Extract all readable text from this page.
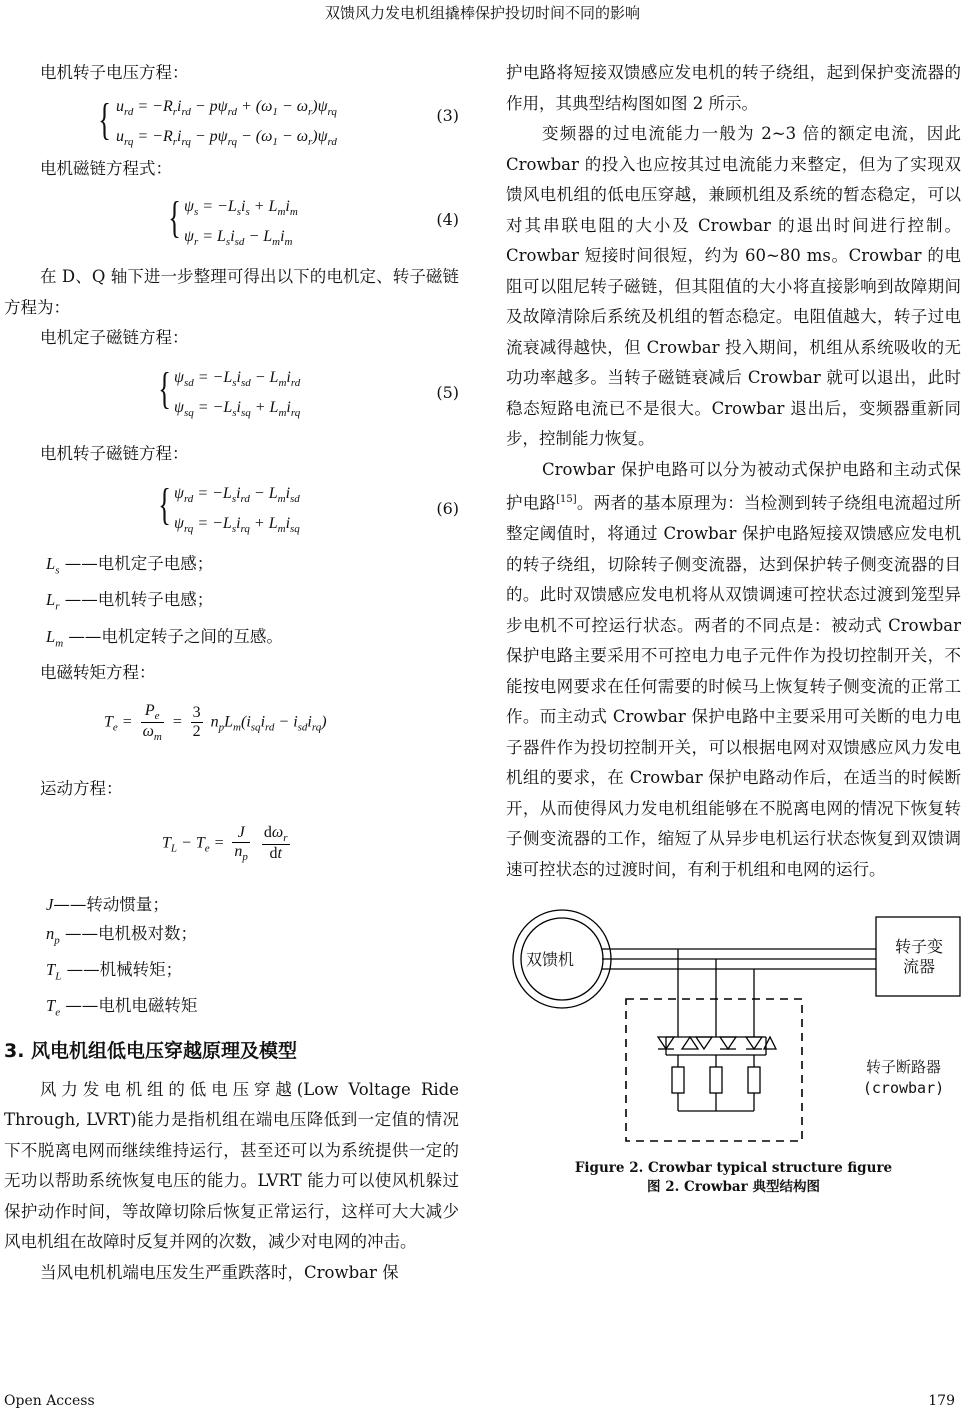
双馈风力发电机组撬棒保护投切时间不同的影响

电机转子电压方程：

{ $u_{rd} = -R_ri_{rd} - p\psi_{rd} + (\omega_1 - \omega_r)\psi_{rq}$
$u_{rq} = -R_ri_{rq} - p\psi_{rq} - (\omega_1 - \omega_r)\psi_{rd}$
(3)

电机磁链方程式：

{ $\psi_s = -L_si_s + L_mi_m$
$\psi_r = L_si_{sd} - L_mi_m$
(4)

在 D、Q 轴下进一步整理可得出以下的电机定、转子磁链方程为：

电机定子磁链方程：

{ $\psi_{sd} = -L_si_{sd} - L_mi_{rd}$
$\psi_{sq} = -L_si_{sq} + L_mi_{rq}$
(5)

电机转子磁链方程：

{ $\psi_{rd} = -L_si_{rd} - L_mi_{sd}$
$\psi_{rq} = -L_si_{rq} + L_mi_{sq}$
(6)

$L_s$ ——电机定子电感；

$L_r$ ——电机转子电感；

$L_m$ ——电机定转子之间的互感。

电磁转矩方程：

$T_e = \frac{P_e}{\omega_m} = \frac{3}{2} n_pL_m(i_{sq}i_{rd} - i_{sd}i_{rq})$

运动方程：

$T_L - T_e = \frac{J}{n_p}$
$\frac{d\omega_r}{dt}$

J——转动惯量；

$n_p$ ——电机极对数；

$T_L$ ——机械转矩；

$T_e$ ——电机电磁转矩

3. 风电机组低电压穿越原理及模型

风力发电机组的低电压穿越(Low Voltage Ride Through, LVRT)能力是指机组在端电压降低到一定值的情况下不脱离电网而继续维持运行，甚至还可以为系统提供一定的无功以帮助系统恢复电压的能力。LVRT 能力可以使风机躲过保护动作时间，等故障切除后恢复正常运行，这样可大大减少风电机组在故障时反复并网的次数，减少对电网的冲击。

当风电机机端电压发生严重跌落时，Crowbar 保

护电路将短接双馈感应发电机的转子绕组，起到保护变流器的作用，其典型结构图如图 2 所示。

变频器的过电流能力一般为 2~3 倍的额定电流，因此 Crowbar 的投入也应按其过电流能力来整定，但为了实现双馈风电机组的低电压穿越，兼顾机组及系统的暂态稳定，可以对其串联电阻的大小及 Crowbar 的退出时间进行控制。Crowbar 短接时间很短，约为 60~80 ms。Crowbar 的电阻可以阻尼转子磁链，但其阻值的大小将直接影响到故障期间及故障清除后系统及机组的暂态稳定。电阻值越大，转子过电流衰减得越快，但 Crowbar 投入期间，机组从系统吸收的无功功率越多。当转子磁链衰减后 Crowbar 就可以退出，此时稳态短路电流已不是很大。Crowbar 退出后，变频器重新同步，控制能力恢复。

Crowbar 保护电路可以分为被动式保护电路和主动式保护电路[15]。两者的基本原理为：当检测到转子绕组电流超过所整定阈值时，将通过 Crowbar 保护电路短接双馈感应发电机的转子绕组，切除转子侧变流器，达到保护转子侧变流器的目的。此时双馈感应发电机将从双馈调速可控状态过渡到笼型异步电机不可控运行状态。两者的不同点是：被动式 Crowbar 保护电路主要采用不可控电力电子元件作为投切控制开关，不能按电网要求在任何需要的时候马上恢复转子侧变流的正常工作。而主动式 Crowbar 保护电路中主要采用可关断的电力电子器件作为投切控制开关，可以根据电网对双馈感应风力发电机组的要求，在 Crowbar 保护电路动作后，在适当的时候断开，从而使得风力发电机组能够在不脱离电网的情况下恢复转子侧变流器的工作，缩短了从异步电机运行状态恢复到双馈调速可控状态的过渡时间，有利于机组和电网的运行。

双馈机
转子变
流器
转子断路器
(crowbar)

Figure 2. Crowbar typical structure figure

图 2. Crowbar 典型结构图

Open Access	179
